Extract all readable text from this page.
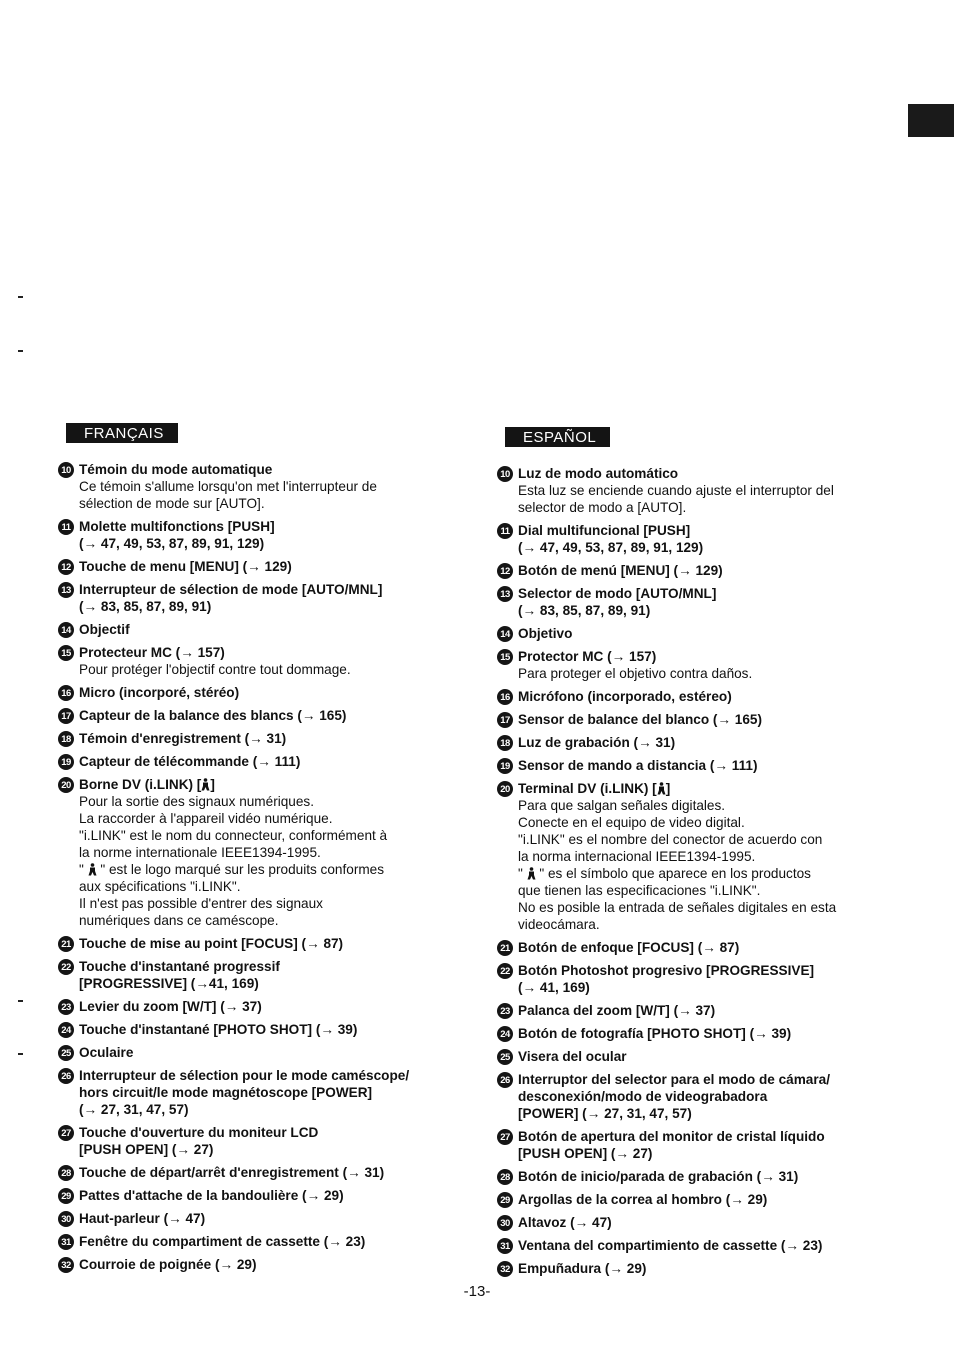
FRANÇAIS
10 Témoin du mode automatique
Ce témoin s'allume lorsqu'on met l'interrupteur de
sélection de mode sur [AUTO].
11 Molette multifonctions [PUSH]
(→ 47, 49, 53, 87, 89, 91, 129)
12 Touche de menu [MENU] (→ 129)
13 Interrupteur de sélection de mode [AUTO/MNL]
(→ 83, 85, 87, 89, 91)
14 Objectif
15 Protecteur MC (→ 157)
Pour protéger l'objectif contre tout dommage.
16 Micro (incorporé, stéréo)
17 Capteur de la balance des blancs (→ 165)
18 Témoin d'enregistrement (→ 31)
19 Capteur de télécommande (→ 111)
20 Borne DV (i.LINK) [ ]
Pour la sortie des signaux numériques.
La raccorder à l'appareil vidéo numérique.
"i.LINK" est le nom du connecteur, conformément à
la norme internationale IEEE1394-1995.
" " est le logo marqué sur les produits conformes
aux spécifications "i.LINK".
Il n'est pas possible d'entrer des signaux
numériques dans ce caméscope.
21 Touche de mise au point [FOCUS] (→ 87)
22 Touche d'instantané progressif
[PROGRESSIVE] (→41, 169)
23 Levier du zoom [W/T] (→ 37)
24 Touche d'instantané [PHOTO SHOT] (→ 39)
25 Oculaire
26 Interrupteur de sélection pour le mode caméscope/
hors circuit/le mode magnétoscope [POWER]
(→ 27, 31, 47, 57)
27 Touche d'ouverture du moniteur LCD
[PUSH OPEN] (→ 27)
28 Touche de départ/arrêt d'enregistrement (→ 31)
29 Pattes d'attache de la bandoulière (→ 29)
30 Haut-parleur (→ 47)
31 Fenêtre du compartiment de cassette (→ 23)
32 Courroie de poignée (→ 29)
ESPAÑOL
10 Luz de modo automático
Esta luz se enciende cuando ajuste el interruptor del
selector de modo a [AUTO].
11 Dial multifuncional [PUSH]
(→ 47, 49, 53, 87, 89, 91, 129)
12 Botón de menú [MENU] (→ 129)
13 Selector de modo [AUTO/MNL]
(→ 83, 85, 87, 89, 91)
14 Objetivo
15 Protector MC (→ 157)
Para proteger el objetivo contra daños.
16 Micrófono (incorporado, estéreo)
17 Sensor de balance del blanco (→ 165)
18 Luz de grabación (→ 31)
19 Sensor de mando a distancia (→ 111)
20 Terminal DV (i.LINK) [ ]
Para que salgan señales digitales.
Conecte en el equipo de video digital.
"i.LINK" es el nombre del conector de acuerdo con
la norma internacional IEEE1394-1995.
" " es el símbolo que aparece en los productos
que tienen las especificaciones "i.LINK".
No es posible la entrada de señales digitales en esta
videocámara.
21 Botón de enfoque [FOCUS] (→ 87)
22 Botón Photoshot progresivo [PROGRESSIVE]
(→ 41, 169)
23 Palanca del zoom [W/T] (→ 37)
24 Botón de fotografía [PHOTO SHOT] (→ 39)
25 Visera del ocular
26 Interruptor del selector para el modo de cámara/
desconexión/modo de videograbadora
[POWER] (→ 27, 31, 47, 57)
27 Botón de apertura del monitor de cristal líquido
[PUSH OPEN] (→ 27)
28 Botón de inicio/parada de grabación (→ 31)
29 Argollas de la correa al hombro (→ 29)
30 Altavoz (→ 47)
31 Ventana del compartimiento de cassette (→ 23)
32 Empuñadura (→ 29)
-13-
